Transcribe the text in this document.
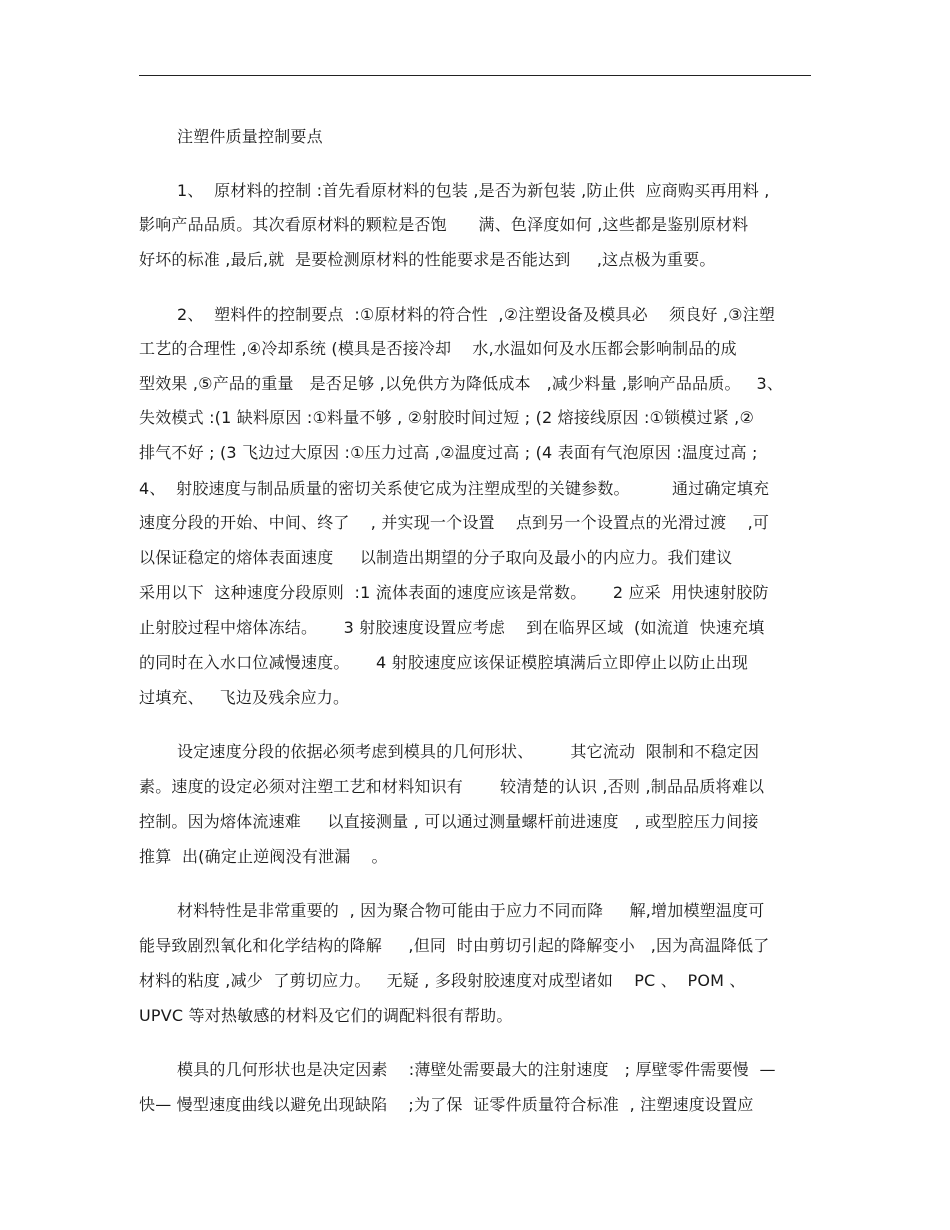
注塑件质量控制要点
1、  原材料的控制 :首先看原材料的包装 ,是否为新包装 ,防止供  应商购买再用料 ,
影响产品品质。其次看原材料的颗粒是否饱      满、色泽度如何 ,这些都是鉴别原材料
好坏的标准 ,最后,就  是要检测原材料的性能要求是否能达到     ,这点极为重要。
2、  塑料件的控制要点  :①原材料的符合性  ,②注塑设备及模具必    须良好 ,③注塑
工艺的合理性 ,④冷却系统 (模具是否接冷却    水,水温如何及水压都会影响制品的成
型效果 ,⑤产品的重量   是否足够 ,以免供方为降低成本   ,减少料量 ,影响产品品质。   3、
失效模式 :(1 缺料原因 :①料量不够 , ②射胶时间过短 ; (2 熔接线原因 :①锁模过紧 ,②
排气不好 ; (3 飞边过大原因 :①压力过高 ,②温度过高 ; (4 表面有气泡原因 :温度过高 ;
4、  射胶速度与制品质量的密切关系使它成为注塑成型的关键参数。        通过确定填充
速度分段的开始、中间、终了    , 并实现一个设置    点到另一个设置点的光滑过渡    ,可
以保证稳定的熔体表面速度     以制造出期望的分子取向及最小的内应力。我们建议
采用以下  这种速度分段原则  :1 流体表面的速度应该是常数。     2 应采  用快速射胶防
止射胶过程中熔体冻结。     3 射胶速度设置应考虑    到在临界区域  (如流道  快速充填
的同时在入水口位减慢速度。     4 射胶速度应该保证模腔填满后立即停止以防止出现
过填充、   飞边及残余应力。
设定速度分段的依据必须考虑到模具的几何形状、       其它流动  限制和不稳定因
素。速度的设定必须对注塑工艺和材料知识有       较清楚的认识 ,否则 ,制品品质将难以
控制。因为熔体流速难     以直接测量 , 可以通过测量螺杆前进速度   , 或型腔压力间接
推算  出(确定止逆阀没有泄漏    。
材料特性是非常重要的  , 因为聚合物可能由于应力不同而降     解,增加模塑温度可
能导致剧烈氧化和化学结构的降解     ,但同  时由剪切引起的降解变小   ,因为高温降低了
材料的粘度 ,减少  了剪切应力。   无疑 , 多段射胶速度对成型诸如    PC 、  POM 、
UPVC 等对热敏感的材料及它们的调配料很有帮助。
模具的几何形状也是决定因素    :薄壁处需要最大的注射速度   ; 厚壁零件需要慢  —
快— 慢型速度曲线以避免出现缺陷    ;为了保  证零件质量符合标准  , 注塑速度设置应
